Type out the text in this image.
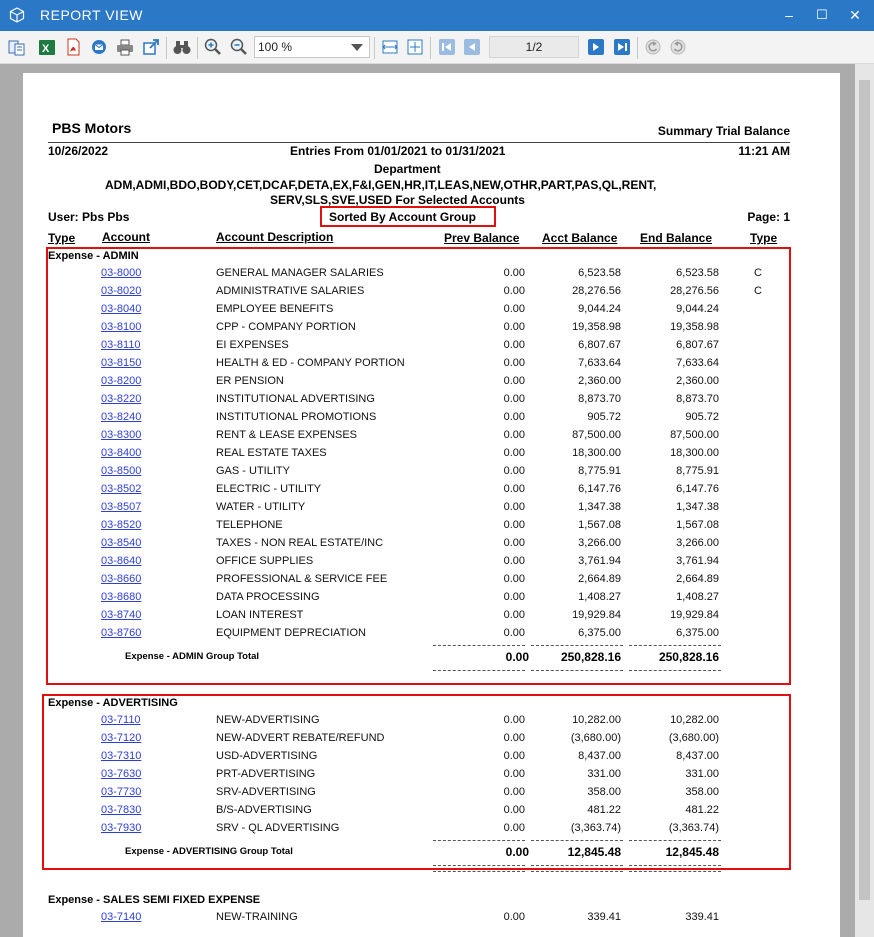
REPORT VIEW	–	☐	✕
X	100 %	1/2
PBS Motors	Summary Trial Balance
10/26/2022	Entries From 01/01/2021 to 01/31/2021	11:21 AM
Department
ADM,ADMI,BDO,BODY,CET,DCAF,DETA,EX,F&I,GEN,HR,IT,LEAS,NEW,OTHR,PART,PAS,QL,RENT,
SERV,SLS,SVE,USED For Selected Accounts
User: Pbs Pbs	Sorted By Account Group	Page: 1
Type Account	Account Description	Prev Balance Acct Balance End Balance	Type
Expense - ADMIN
03-8000	GENERAL MANAGER SALARIES	0.00	6,523.58	6,523.58	C
03-8020	ADMINISTRATIVE SALARIES	0.00	28,276.56	28,276.56	C
03-8040	EMPLOYEE BENEFITS	0.00	9,044.24	9,044.24
03-8100	CPP - COMPANY PORTION	0.00	19,358.98	19,358.98
03-8110	EI EXPENSES	0.00	6,807.67	6,807.67
03-8150	HEALTH & ED - COMPANY PORTION	0.00	7,633.64	7,633.64
03-8200	ER PENSION	0.00	2,360.00	2,360.00
03-8220	INSTITUTIONAL ADVERTISING	0.00	8,873.70	8,873.70
03-8240	INSTITUTIONAL PROMOTIONS	0.00	905.72	905.72
03-8300	RENT & LEASE EXPENSES	0.00	87,500.00	87,500.00
03-8400	REAL ESTATE TAXES	0.00	18,300.00	18,300.00
03-8500	GAS - UTILITY	0.00	8,775.91	8,775.91
03-8502	ELECTRIC - UTILITY	0.00	6,147.76	6,147.76
03-8507	WATER - UTILITY	0.00	1,347.38	1,347.38
03-8520	TELEPHONE	0.00	1,567.08	1,567.08
03-8540	TAXES - NON REAL ESTATE/INC	0.00	3,266.00	3,266.00
03-8640	OFFICE SUPPLIES	0.00	3,761.94	3,761.94
03-8660	PROFESSIONAL & SERVICE FEE	0.00	2,664.89	2,664.89
03-8680	DATA PROCESSING	0.00	1,408.27	1,408.27
03-8740	LOAN INTEREST	0.00	19,929.84	19,929.84
03-8760	EQUIPMENT DEPRECIATION	0.00	6,375.00	6,375.00
Expense - ADMIN Group Total	0.00	250,828.16	250,828.16
Expense - ADVERTISING
03-7110	NEW-ADVERTISING	0.00	10,282.00	10,282.00
03-7120	NEW-ADVERT REBATE/REFUND	0.00	(3,680.00)	(3,680.00)
03-7310	USD-ADVERTISING	0.00	8,437.00	8,437.00
03-7630	PRT-ADVERTISING	0.00	331.00	331.00
03-7730	SRV-ADVERTISING	0.00	358.00	358.00
03-7830	B/S-ADVERTISING	0.00	481.22	481.22
03-7930	SRV - QL ADVERTISING	0.00	(3,363.74)	(3,363.74)
Expense - ADVERTISING Group Total	0.00	12,845.48	12,845.48
Expense - SALES SEMI FIXED EXPENSE
03-7140	NEW-TRAINING	0.00	339.41	339.41
